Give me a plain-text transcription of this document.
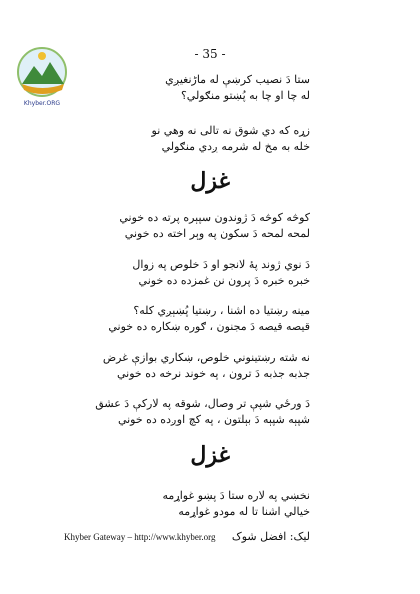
Khyber.ORG
- 35 -
ستا دَ نصيب کرښې له ماڑنغيږي
له چا او چا به پُښتو منګولي؟
زړه که دي شوق نه تالی نه وهي نو
خله به مخ له شرمه ږدي منګولي
غزل
کوڅه کوڅه دَ ژوندون سپېره پرته ده خوني
لمحه لمحه دَ سکون په وېر اخته ده خوني
دَ نوي ژوند پهٔ لانجو او دَ خلوص په زوال
خبره خبره دَ پرون نن غمزده ده خوني
مينه رښتيا ده اشنا ، رښتيا پُښېږي کله؟
قيصه قيصه دَ مجنون ، ګوره ښکاره ده خوني
نه شته رښتينوني خلوص، ښکاري بوازې غرض
جذبه جذبه دَ ترون ، په خوند نرخه ده خوني
دَ ورځي شپې تر وصال، شوقه په لارکې دَ عشق
شپېه شپېه دَ بېلتون ، په کچ اوږده ده خوني
غزل
نخښي په لاره ستا دَ پښو غواړمه
خيالي اشنا تا له مودو غواړمه
Khyber Gateway – http://www.khyber.org ليک: افضل شوک
